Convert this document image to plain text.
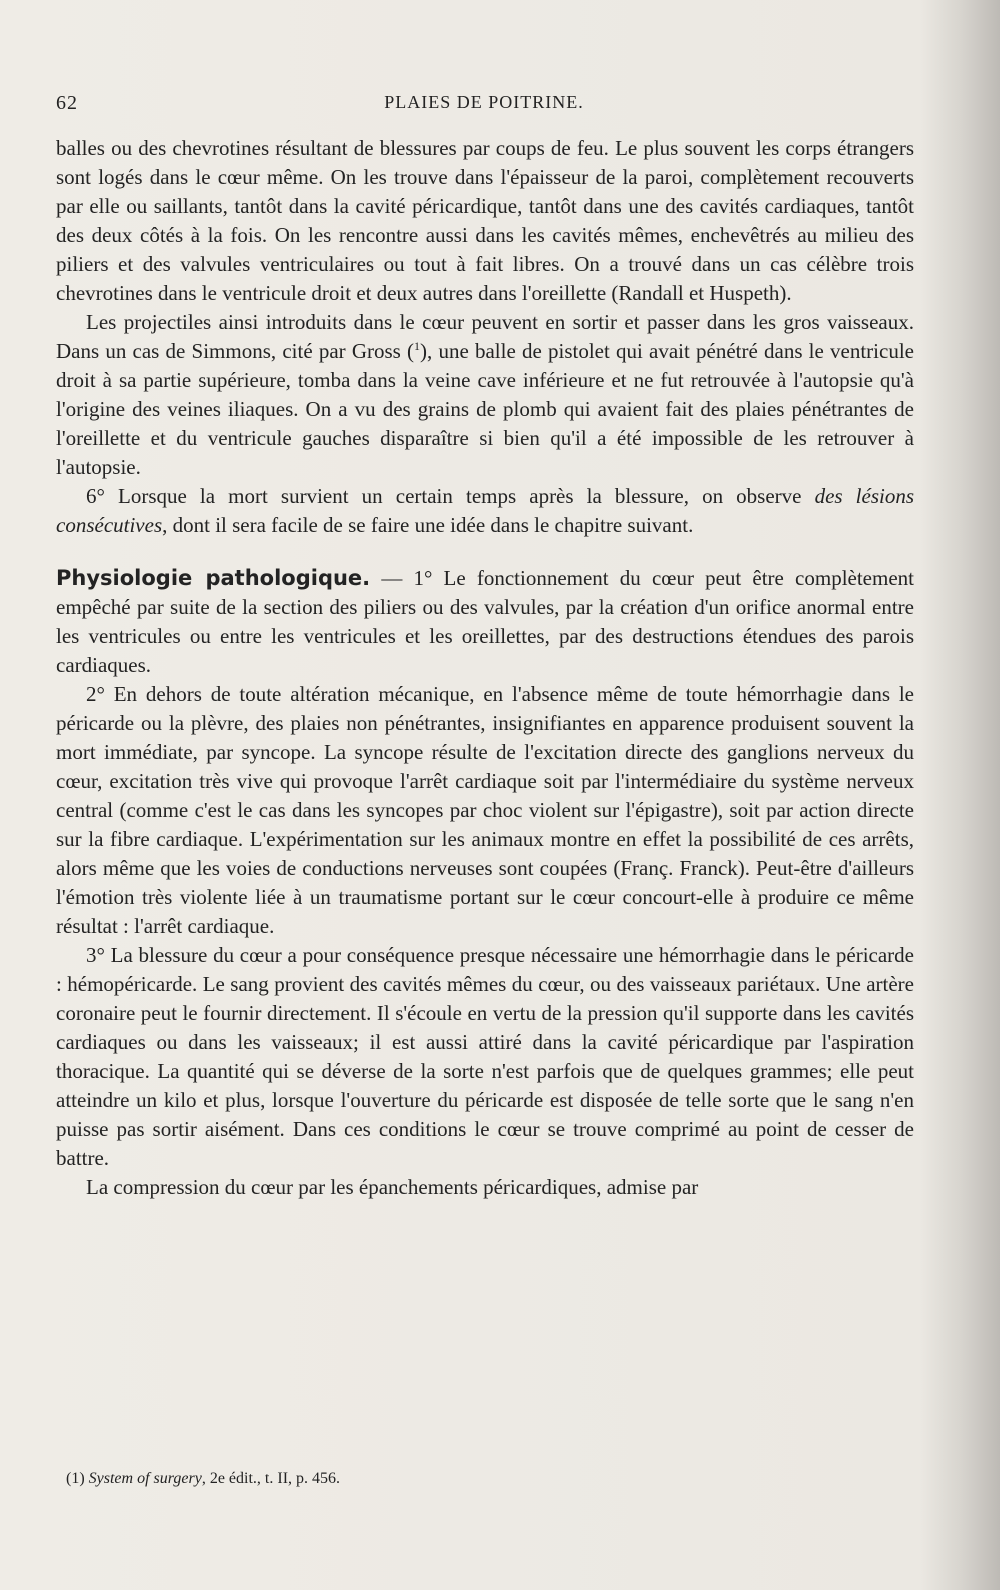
62	PLAIES DE POITRINE.

balles ou des chevrotines résultant de blessures par coups de feu. Le plus souvent les corps étrangers sont logés dans le cœur même. On les trouve dans l'épaisseur de la paroi, complètement recouverts par elle ou saillants, tantôt dans la cavité péricardique, tantôt dans une des cavités cardiaques, tantôt des deux côtés à la fois. On les rencontre aussi dans les cavités mêmes, enchevêtrés au milieu des piliers et des valvules ventriculaires ou tout à fait libres. On a trouvé dans un cas célèbre trois chevrotines dans le ventricule droit et deux autres dans l'oreillette (Randall et Huspeth).

Les projectiles ainsi introduits dans le cœur peuvent en sortir et passer dans les gros vaisseaux. Dans un cas de Simmons, cité par Gross ($^1$), une balle de pistolet qui avait pénétré dans le ventricule droit à sa partie supérieure, tomba dans la veine cave inférieure et ne fut retrouvée à l'autopsie qu'à l'origine des veines iliaques. On a vu des grains de plomb qui avaient fait des plaies pénétrantes de l'oreillette et du ventricule gauches disparaître si bien qu'il a été impossible de les retrouver à l'autopsie.

6° Lorsque la mort survient un certain temps après la blessure, on observe des lésions consécutives, dont il sera facile de se faire une idée dans le chapitre suivant.

Physiologie pathologique. — 1° Le fonctionnement du cœur peut être complètement empêché par suite de la section des piliers ou des valvules, par la création d'un orifice anormal entre les ventricules ou entre les ventricules et les oreillettes, par des destructions étendues des parois cardiaques.

2° En dehors de toute altération mécanique, en l'absence même de toute hémorrhagie dans le péricarde ou la plèvre, des plaies non pénétrantes, insignifiantes en apparence produisent souvent la mort immédiate, par syncope. La syncope résulte de l'excitation directe des ganglions nerveux du cœur, excitation très vive qui provoque l'arrêt cardiaque soit par l'intermédiaire du système nerveux central (comme c'est le cas dans les syncopes par choc violent sur l'épigastre), soit par action directe sur la fibre cardiaque. L'expérimentation sur les animaux montre en effet la possibilité de ces arrêts, alors même que les voies de conductions nerveuses sont coupées (Franç. Franck). Peut-être d'ailleurs l'émotion très violente liée à un traumatisme portant sur le cœur concourt-elle à produire ce même résultat : l'arrêt cardiaque.

3° La blessure du cœur a pour conséquence presque nécessaire une hémorrhagie dans le péricarde : hémopéricarde. Le sang provient des cavités mêmes du cœur, ou des vaisseaux pariétaux. Une artère coronaire peut le fournir directement. Il s'écoule en vertu de la pression qu'il supporte dans les cavités cardiaques ou dans les vaisseaux; il est aussi attiré dans la cavité péricardique par l'aspiration thoracique. La quantité qui se déverse de la sorte n'est parfois que de quelques grammes; elle peut atteindre un kilo et plus, lorsque l'ouverture du péricarde est disposée de telle sorte que le sang n'en puisse pas sortir aisément. Dans ces conditions le cœur se trouve comprimé au point de cesser de battre.

La compression du cœur par les épanchements péricardiques, admise par

(1) System of surgery, 2e édit., t. II, p. 456.
